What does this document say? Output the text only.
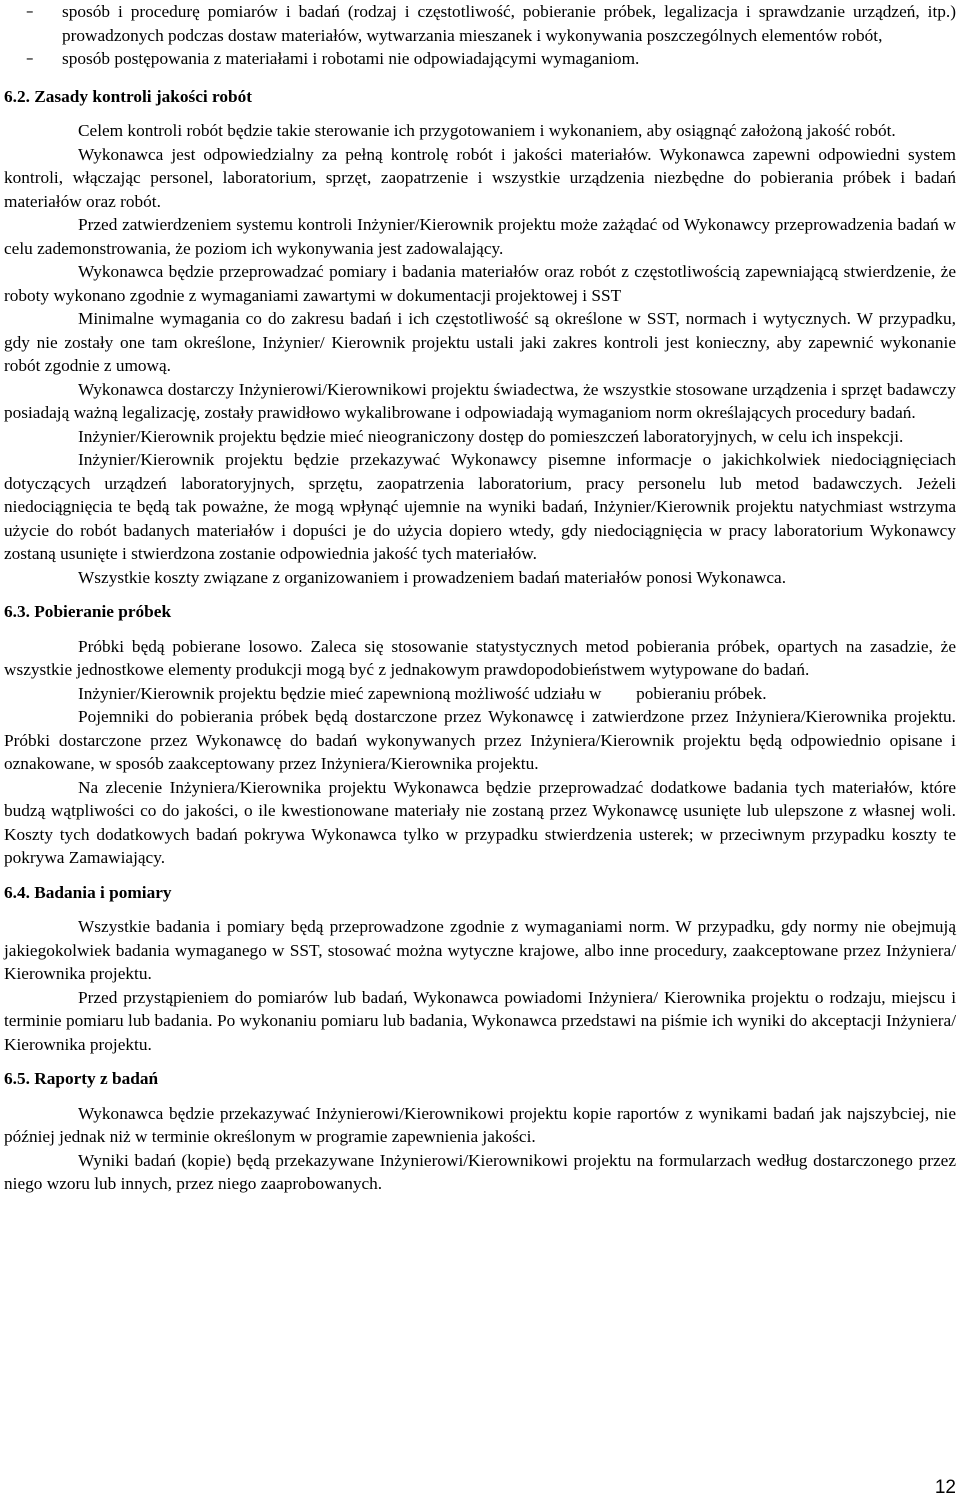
– sposób i procedurę pomiarów i badań (rodzaj i częstotliwość, pobieranie próbek, legalizacja i sprawdzanie urządzeń, itp.) prowadzonych podczas dostaw materiałów, wytwarzania mieszanek i wykonywania poszczególnych elementów robót,
– sposób postępowania z materiałami i robotami nie odpowiadającymi wymaganiom.
6.2. Zasady kontroli jakości robót

Celem kontroli robót będzie takie sterowanie ich przygotowaniem i wykonaniem, aby osiągnąć założoną jakość robót.

Wykonawca jest odpowiedzialny za pełną kontrolę robót i jakości materiałów. Wykonawca zapewni odpowiedni system kontroli, włączając personel, laboratorium, sprzęt, zaopatrzenie i wszystkie urządzenia niezbędne do pobierania próbek i badań materiałów oraz robót.

Przed zatwierdzeniem systemu kontroli Inżynier/Kierownik projektu może zażądać od Wykonawcy przeprowadzenia badań w celu zademonstrowania, że poziom ich wykonywania jest zadowalający.

Wykonawca będzie przeprowadzać pomiary i badania materiałów oraz robót z częstotliwością zapewniającą stwierdzenie, że roboty wykonano zgodnie z wymaganiami zawartymi w dokumentacji projektowej i SST

Minimalne wymagania co do zakresu badań i ich częstotliwość są określone w SST, normach i wytycznych. W przypadku, gdy nie zostały one tam określone, Inżynier/ Kierownik projektu ustali jaki zakres kontroli jest konieczny, aby zapewnić wykonanie robót zgodnie z umową.

Wykonawca dostarczy Inżynierowi/Kierownikowi projektu świadectwa, że wszystkie stosowane urządzenia i sprzęt badawczy posiadają ważną legalizację, zostały prawidłowo wykalibrowane i odpowiadają wymaganiom norm określających procedury badań.

Inżynier/Kierownik projektu będzie mieć nieograniczony dostęp do pomieszczeń laboratoryjnych, w celu ich inspekcji.

Inżynier/Kierownik projektu będzie przekazywać Wykonawcy pisemne informacje o jakichkolwiek niedociągnięciach dotyczących urządzeń laboratoryjnych, sprzętu, zaopatrzenia laboratorium, pracy personelu lub metod badawczych. Jeżeli niedociągnięcia te będą tak poważne, że mogą wpłynąć ujemnie na wyniki badań, Inżynier/Kierownik projektu natychmiast wstrzyma użycie do robót badanych materiałów i dopuści je do użycia dopiero wtedy, gdy niedociągnięcia w pracy laboratorium Wykonawcy zostaną usunięte i stwierdzona zostanie odpowiednia jakość tych materiałów.

Wszystkie koszty związane z organizowaniem i prowadzeniem badań materiałów ponosi Wykonawca.

6.3. Pobieranie próbek

Próbki będą pobierane losowo. Zaleca się stosowanie statystycznych metod pobierania próbek, opartych na zasadzie, że wszystkie jednostkowe elementy produkcji mogą być z jednakowym prawdopodobieństwem wytypowane do badań.

Inżynier/Kierownik projektu będzie mieć zapewnioną możliwość udziału w        pobieraniu próbek.

Pojemniki do pobierania próbek będą dostarczone przez Wykonawcę i zatwierdzone przez Inżyniera/Kierownika projektu. Próbki dostarczone przez Wykonawcę do badań wykonywanych przez Inżyniera/Kierownik projektu będą odpowiednio opisane i oznakowane, w sposób zaakceptowany przez Inżyniera/Kierownika projektu.

Na zlecenie Inżyniera/Kierownika projektu Wykonawca będzie przeprowadzać dodatkowe badania tych materiałów, które budzą wątpliwości co do jakości, o ile kwestionowane materiały nie zostaną przez Wykonawcę usunięte lub ulepszone z własnej woli. Koszty tych dodatkowych badań pokrywa Wykonawca tylko w przypadku stwierdzenia usterek; w przeciwnym przypadku koszty te pokrywa Zamawiający.

6.4. Badania i pomiary

Wszystkie badania i pomiary będą przeprowadzone zgodnie z wymaganiami norm. W przypadku, gdy normy nie obejmują jakiegokolwiek badania wymaganego w SST, stosować można wytyczne krajowe, albo inne procedury, zaakceptowane przez Inżyniera/ Kierownika projektu.

Przed przystąpieniem do pomiarów lub badań, Wykonawca powiadomi Inżyniera/ Kierownika projektu o rodzaju, miejscu i terminie pomiaru lub badania. Po wykonaniu pomiaru lub badania, Wykonawca przedstawi na piśmie ich wyniki do akceptacji Inżyniera/ Kierownika projektu.

6.5. Raporty z badań

Wykonawca będzie przekazywać Inżynierowi/Kierownikowi projektu kopie raportów z wynikami badań jak najszybciej, nie później jednak niż w terminie określonym w programie zapewnienia jakości.

Wyniki badań (kopie) będą przekazywane Inżynierowi/Kierownikowi projektu na formularzach według dostarczonego przez niego wzoru lub innych, przez niego zaaprobowanych.

12
